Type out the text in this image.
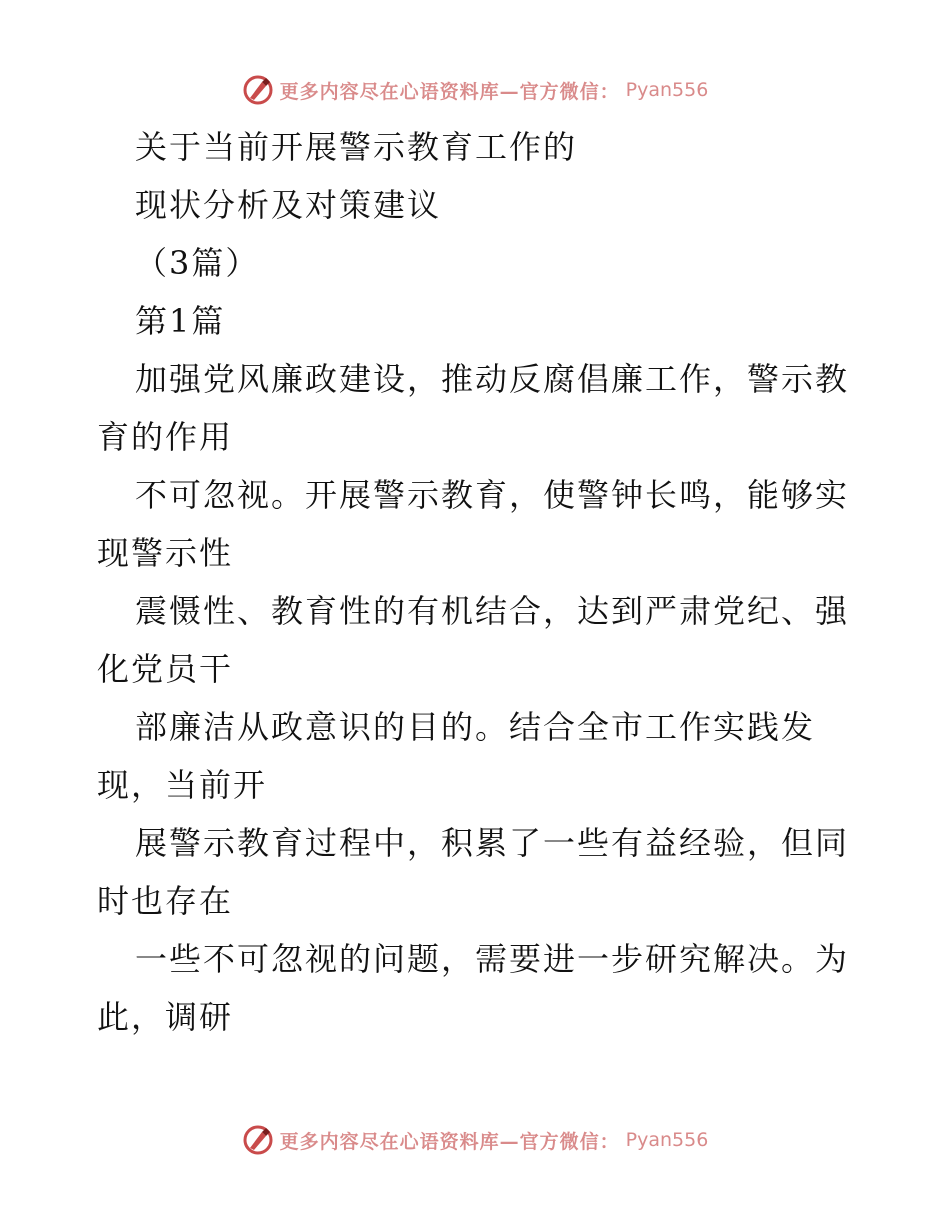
更多内容尽在心语资料库—官方微信： Pyan556
关于当前开展警示教育工作的
现状分析及对策建议
（3篇）
第1篇
加强党风廉政建设，推动反腐倡廉工作，警示教
育的作用
不可忽视。开展警示教育，使警钟长鸣，能够实
现警示性
震慑性、教育性的有机结合，达到严肃党纪、强
化党员干
部廉洁从政意识的目的。结合全市工作实践发
现，当前开
展警示教育过程中，积累了一些有益经验，但同
时也存在
一些不可忽视的问题，需要进一步研究解决。为
此，调研
更多内容尽在心语资料库—官方微信： Pyan556
